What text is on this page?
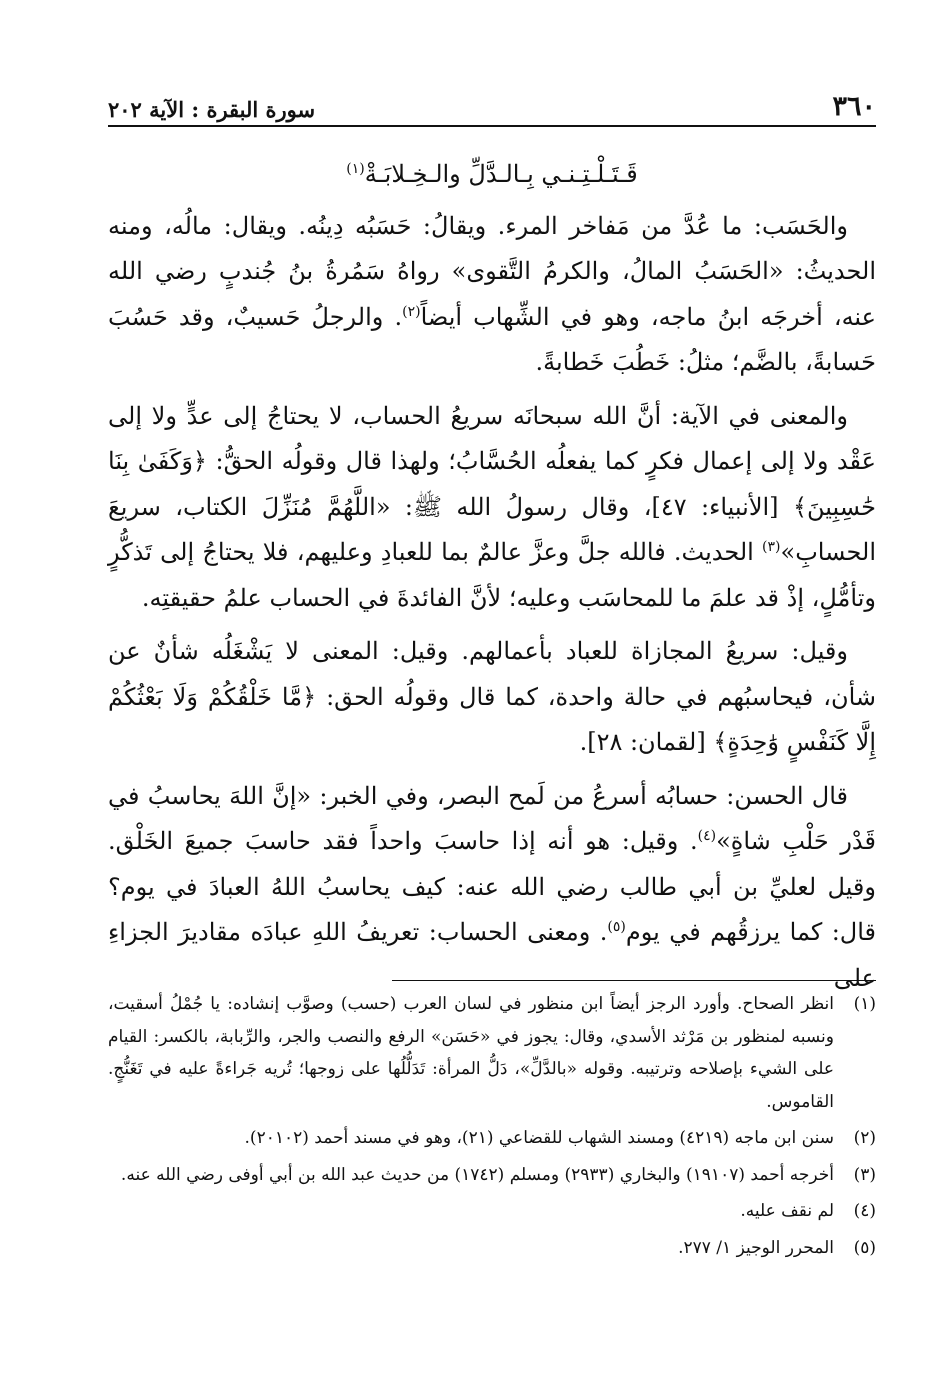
٣٦٠
سورة البقرة : الآية ٢٠٢

قَـتَـلْـتِـنـي بِـالـدَّلِّ والـخِـلابَـةْ$^{(١)}$

والحَسَب: ما عُدَّ من مَفاخر المرء. ويقالُ: حَسَبُه دِينُه. ويقال: مالُه، ومنه الحديثُ: «الحَسَبُ المالُ، والكرمُ التَّقوى» رواهُ سَمُرةُ بنُ جُندبٍ رضي الله عنه، أخرجَه ابنُ ماجه، وهو في الشِّهاب أيضاً$^{(٢)}$. والرجلُ حَسيبٌ، وقد حَسُبَ حَسابةً، بالضَّم؛ مثلُ: خَطُبَ خَطابةً.

والمعنى في الآية: أنَّ الله سبحانَه سريعُ الحساب، لا يحتاجُ إلى عدٍّ ولا إلى عَقْد ولا إلى إعمال فكرٍ كما يفعلُه الحُسَّابُ؛ ولهذا قال وقولُه الحقُّ: ﴿وَكَفَىٰ بِنَا حَٰسِبِينَ﴾ [الأنبياء: ٤٧]، وقال رسولُ الله ﷺ: «اللَّهُمَّ مُنَزِّلَ الكتاب، سريعَ الحسابِ»$^{(٣)}$ الحديث. فالله جلَّ وعزَّ عالمٌ بما للعبادِ وعليهم، فلا يحتاجُ إلى تَذكُّرٍ وتأمُّلٍ، إذْ قد علمَ ما للمحاسَب وعليه؛ لأنَّ الفائدةَ في الحساب علمُ حقيقتِه.

وقيل: سريعُ المجازاة للعباد بأعمالهم. وقيل: المعنى لا يَشْغَلُه شأنٌ عن شأن، فيحاسبُهم في حالة واحدة، كما قال وقولُه الحق: ﴿مَّا خَلْقُكُمْ وَلَا بَعْثُكُمْ إِلَّا كَنَفْسٍ وَٰحِدَةٍ﴾ [لقمان: ٢٨].

قال الحسن: حسابُه أسرعُ من لَمح البصر، وفي الخبر: «إنَّ اللهَ يحاسبُ في قَدْر حَلْبِ شاةٍ»$^{(٤)}$. وقيل: هو أنه إذا حاسبَ واحداً فقد حاسبَ جميعَ الخَلْق. وقيل لعليِّ بن أبي طالب رضي الله عنه: كيف يحاسبُ اللهُ العبادَ في يوم؟ قال: كما يرزقُهم في يوم$^{(٥)}$. ومعنى الحساب: تعريفُ اللهِ عبادَه مقاديرَ الجزاءِ على

(١)
انظر الصحاح. وأورد الرجز أيضاً ابن منظور في لسان العرب (حسب) وصوَّب إنشاده: يا جُمْلُ أسقيت، ونسبه لمنظور بن مَرْثد الأسدي، وقال: يجوز في «حَسَن» الرفع والنصب والجر، والرِّبابة، بالكسر: القيام على الشيء بإصلاحه وترتيبه. وقوله «بالدَّلِّ»، دَلُّ المرأة: تَدَلُّلُها على زوجها؛ تُريه جَراءةً عليه في تَغَنُّجٍ. القاموس.
(٢)
سنن ابن ماجه (٤٢١٩) ومسند الشهاب للقضاعي (٢١)، وهو في مسند أحمد (٢٠١٠٢).
(٣)
أخرجه أحمد (١٩١٠٧) والبخاري (٢٩٣٣) ومسلم (١٧٤٢) من حديث عبد الله بن أبي أوفى رضي الله عنه.
(٤)
لم نقف عليه.
(٥)
المحرر الوجيز ١/ ٢٧٧.
